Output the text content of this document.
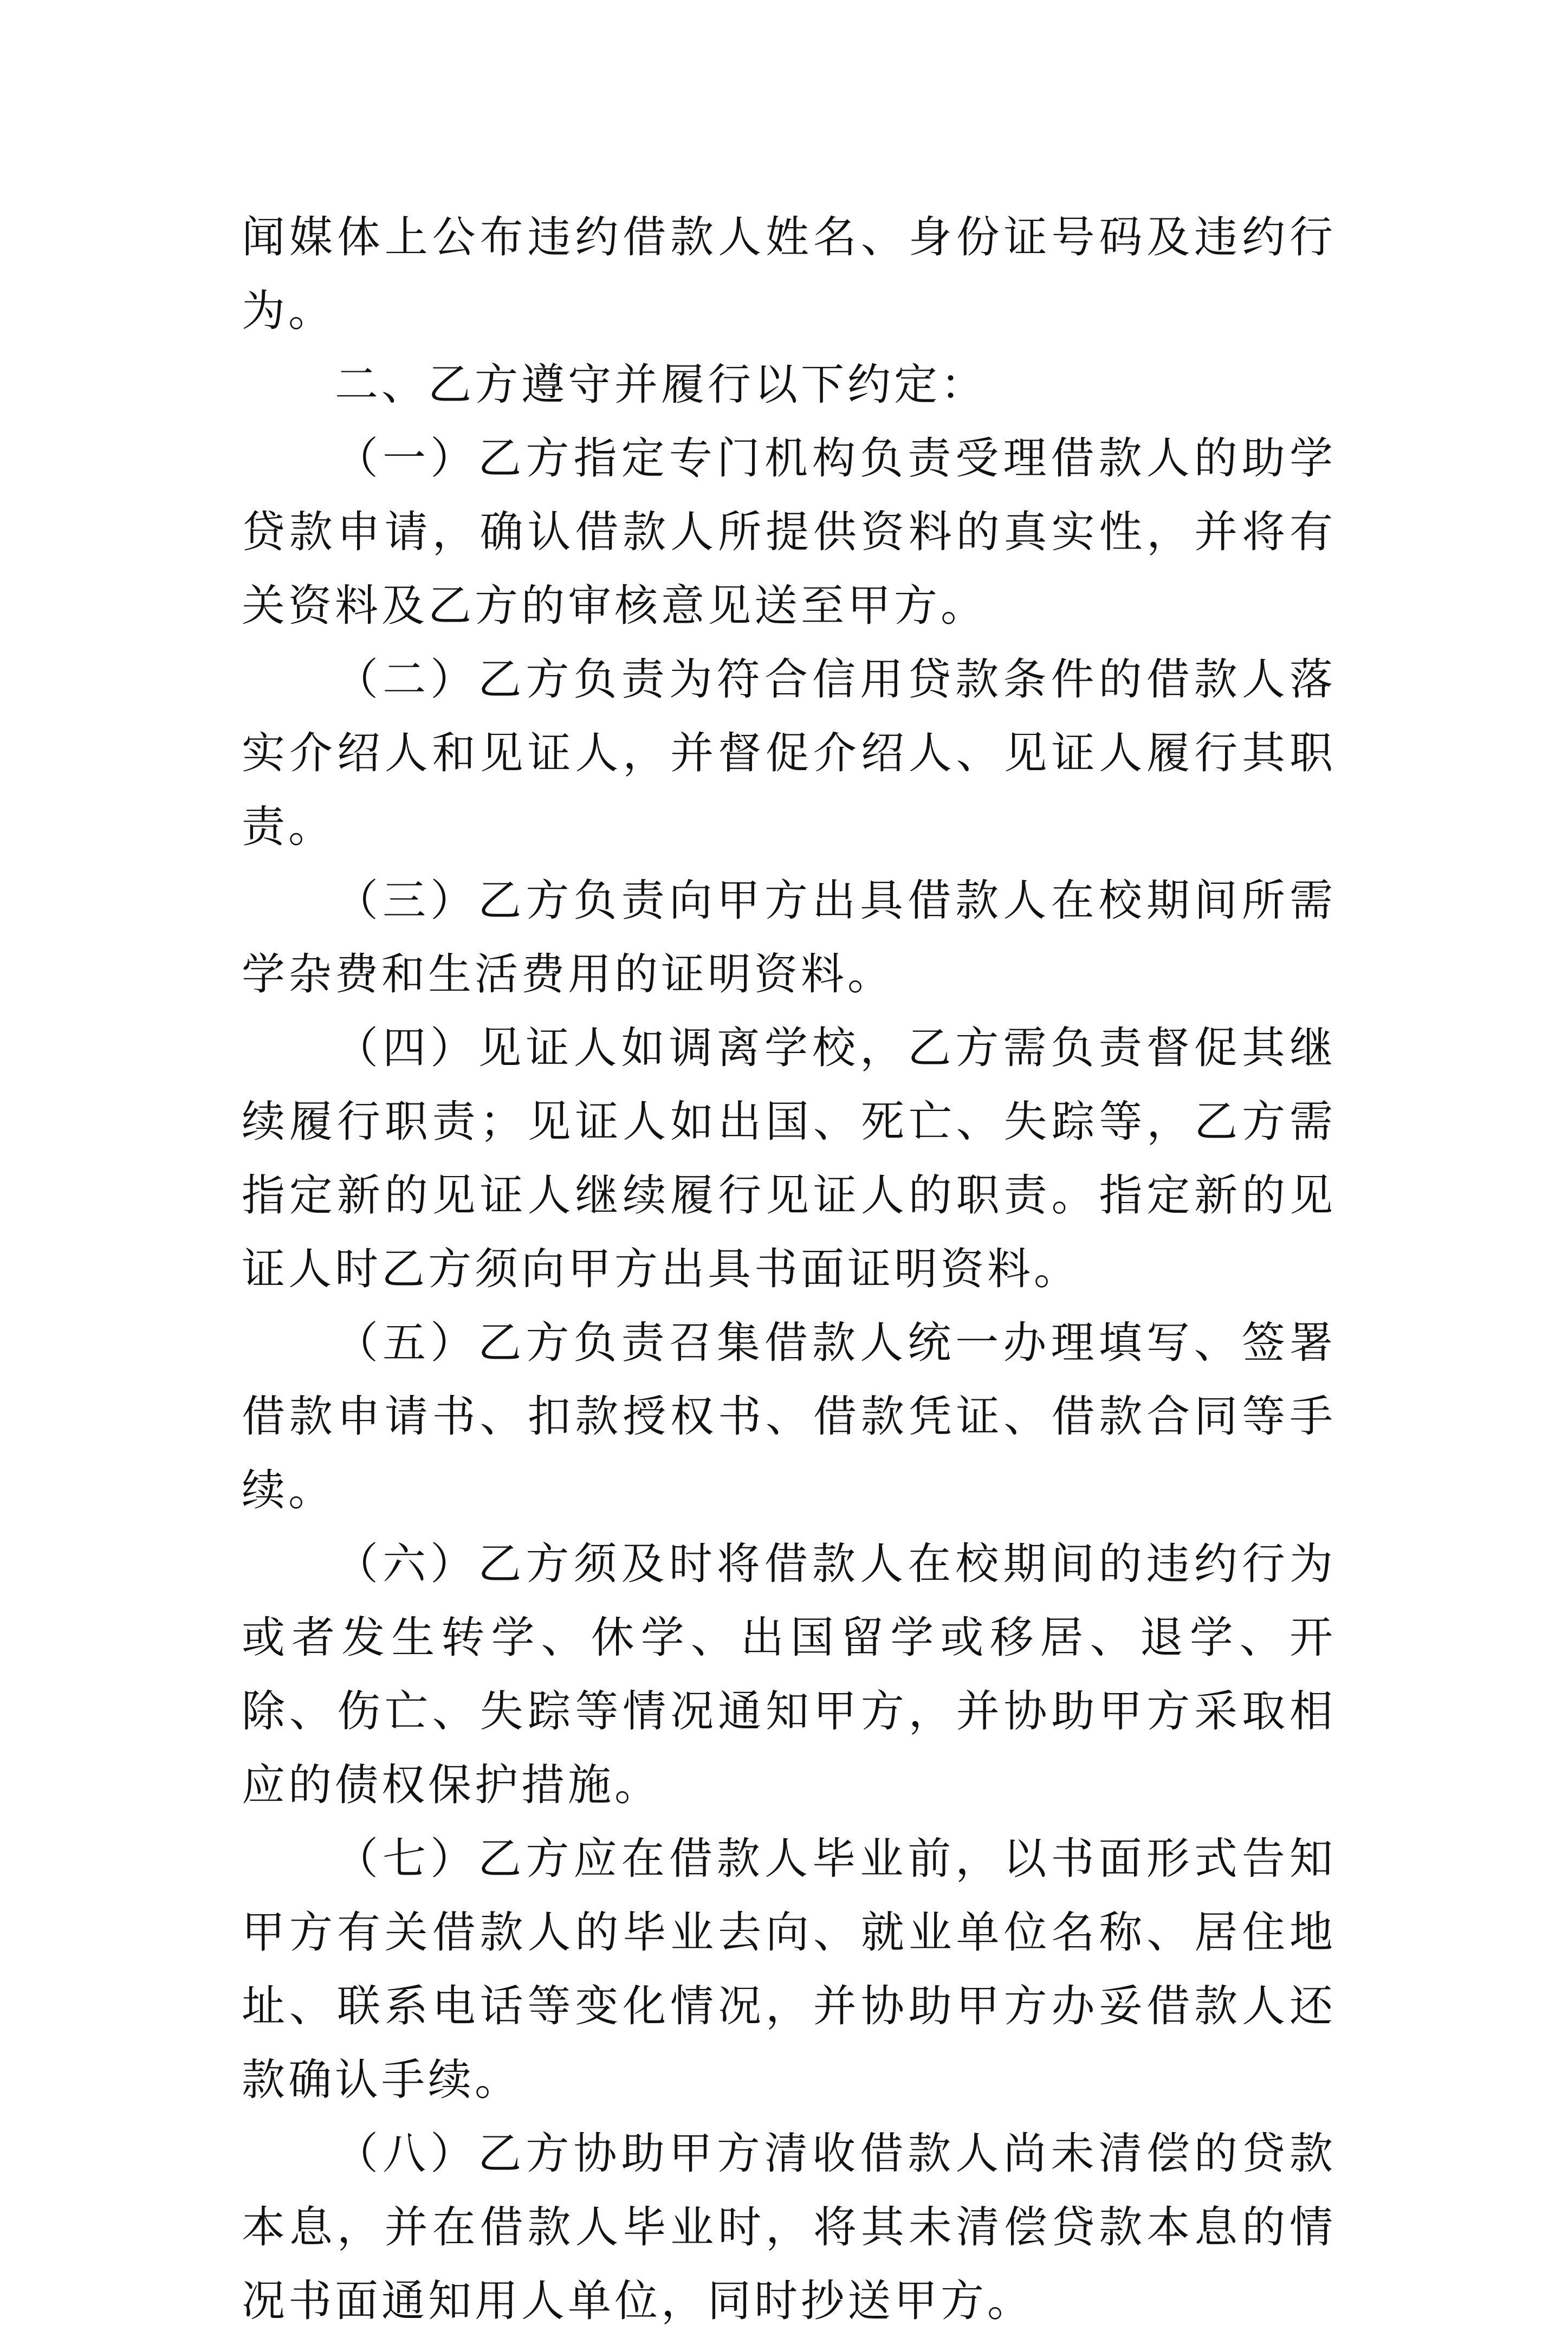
闻媒体上公布违约借款人姓名、身份证号码及违约行为。

二、乙方遵守并履行以下约定：

（一）乙方指定专门机构负责受理借款人的助学贷款申请，确认借款人所提供资料的真实性，并将有关资料及乙方的审核意见送至甲方。

（二）乙方负责为符合信用贷款条件的借款人落实介绍人和见证人，并督促介绍人、见证人履行其职责。

（三）乙方负责向甲方出具借款人在校期间所需学杂费和生活费用的证明资料。

（四）见证人如调离学校，乙方需负责督促其继续履行职责；见证人如出国、死亡、失踪等，乙方需指定新的见证人继续履行见证人的职责。指定新的见证人时乙方须向甲方出具书面证明资料。

（五）乙方负责召集借款人统一办理填写、签署借款申请书、扣款授权书、借款凭证、借款合同等手续。

（六）乙方须及时将借款人在校期间的违约行为或者发生转学、休学、出国留学或移居、退学、开除、伤亡、失踪等情况通知甲方，并协助甲方采取相应的债权保护措施。

（七）乙方应在借款人毕业前，以书面形式告知甲方有关借款人的毕业去向、就业单位名称、居住地址、联系电话等变化情况，并协助甲方办妥借款人还款确认手续。

（八）乙方协助甲方清收借款人尚未清偿的贷款本息，并在借款人毕业时，将其未清偿贷款本息的情况书面通知用人单位，同时抄送甲方。
